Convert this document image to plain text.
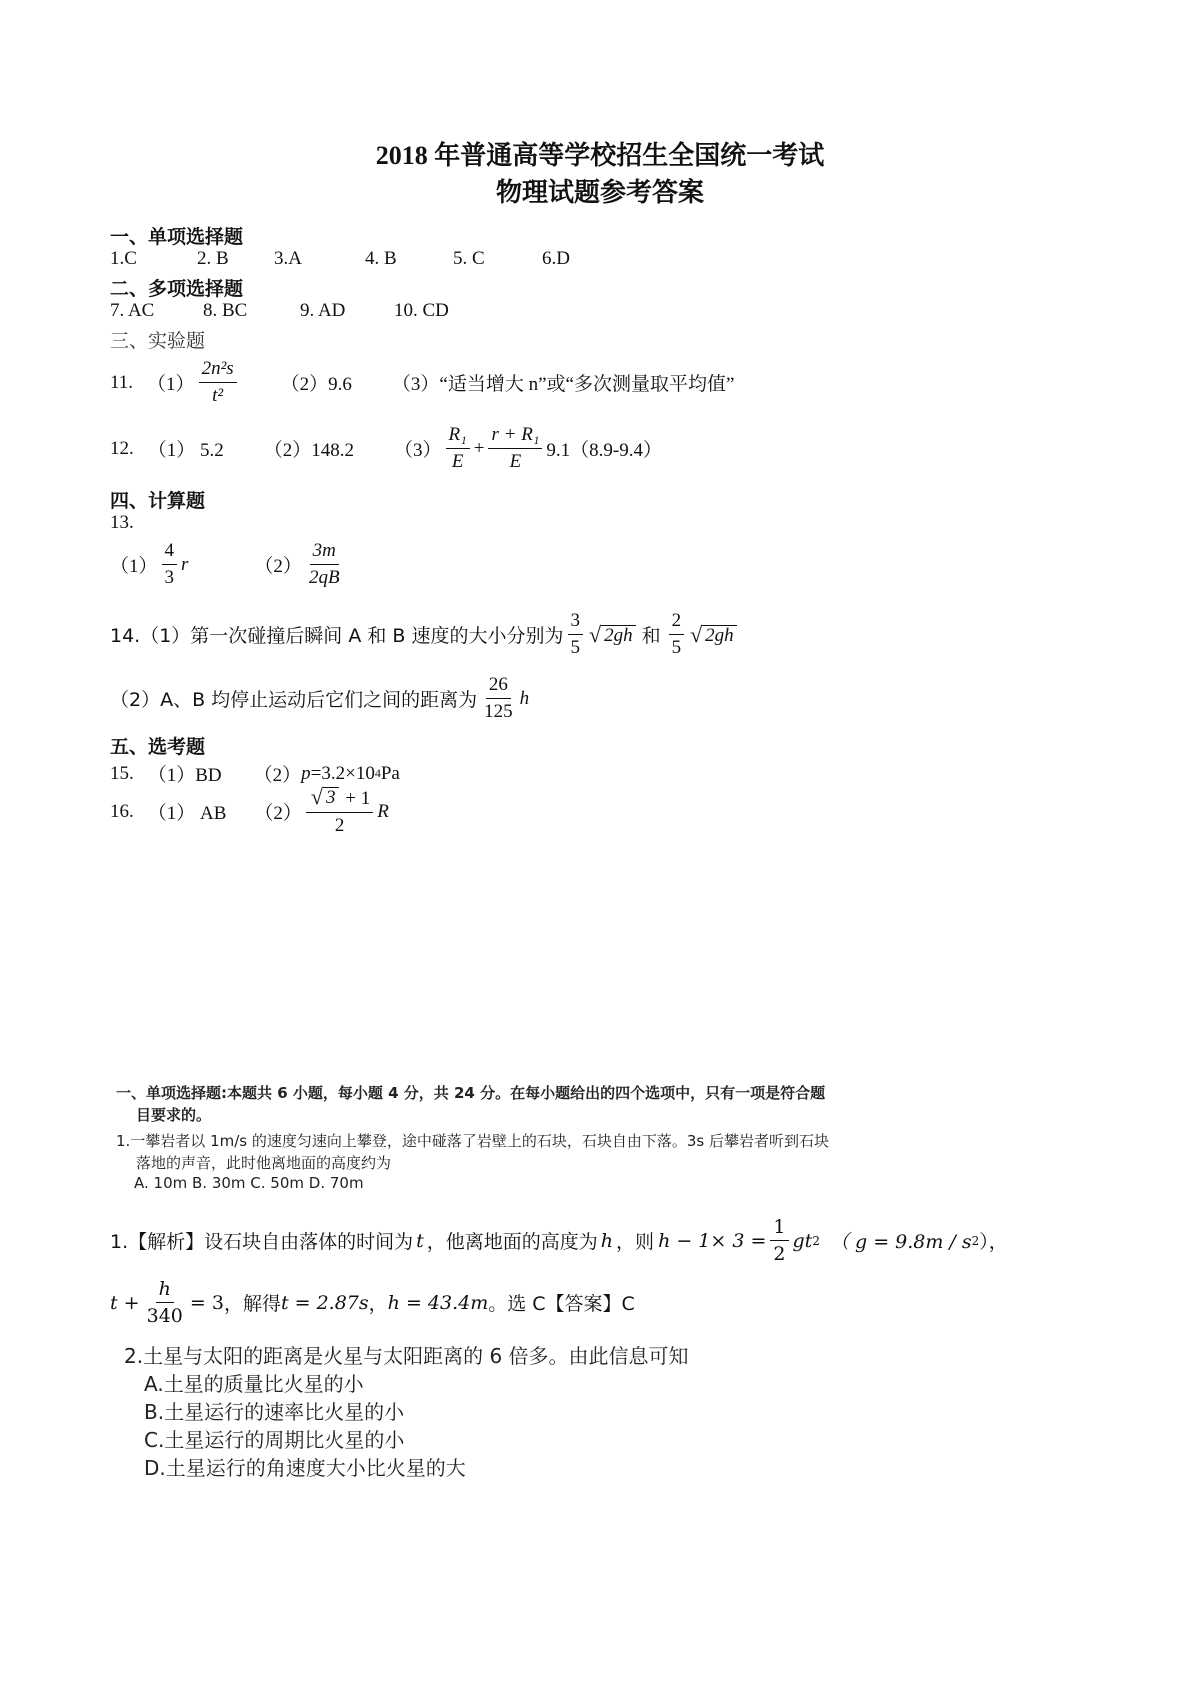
2018 年普通高等学校招生全国统一考试
物理试题参考答案
一、单项选择题
1.C	2. B	3.A	4. B	5. C	6.D
二、多项选择题
7. AC	8. BC	9. AD	10. CD
三、实验题
11. $(1) \frac{\text{2n²s}}{\text{t²}} (2)9.6$ （3）“适当增大 n”或“多次测量取平均值”
12. （1） 5.2 （2）148.2 $(3) \frac{\text{R₁}}{E} + \frac{\text{r + R₁}}{E} 9.1(8.9-9.4)$
四、计算题
13.
$(1) \frac{4}{3}$ r	$(2) \frac{3m}{2qB}$
14.（1）第一次碰撞后瞬间 A 和 B 速度的大小分别为 $\frac{3}{5}$ √ 2gh 和 $\frac{2}{5}$ √ 2gh
（2）A、B 均停止运动后它们之间的距离为 $\frac{26}{125}$ h
五、选考题
15. （1）BD （2） p =3.2×10 4 Pa
16. （1） AB $(2) \frac{√ 3 + 1}{2}$ R
一、单项选择题:本题共 6 小题，每小题 4 分，共 24 分。在每小题给出的四个选项中，只有一项是符合题
目要求的。
1.一攀岩者以 1m/s 的速度匀速向上攀登，途中碰落了岩壁上的石块，石块自由下落。3s 后攀岩者听到石块
落地的声音，此时他离地面的高度约为
A. 10m B. 30m C. 50m D. 70m
1.【解析】设石块自由落体的时间为 t ，他离地面的高度为 h ，则 $h - 1\times 3 = \frac{1}{2}$ gt 2 （ g = 9.8m / s 2 ），
$t + \frac{h}{340} = 3$ ，解得 t = 2.87s ， h = 43.4m 。选 C【答案】C
2.土星与太阳的距离是火星与太阳距离的 6 倍多。由此信息可知
A.土星的质量比火星的小
B.土星运行的速率比火星的小
C.土星运行的周期比火星的小
D.土星运行的角速度大小比火星的大
